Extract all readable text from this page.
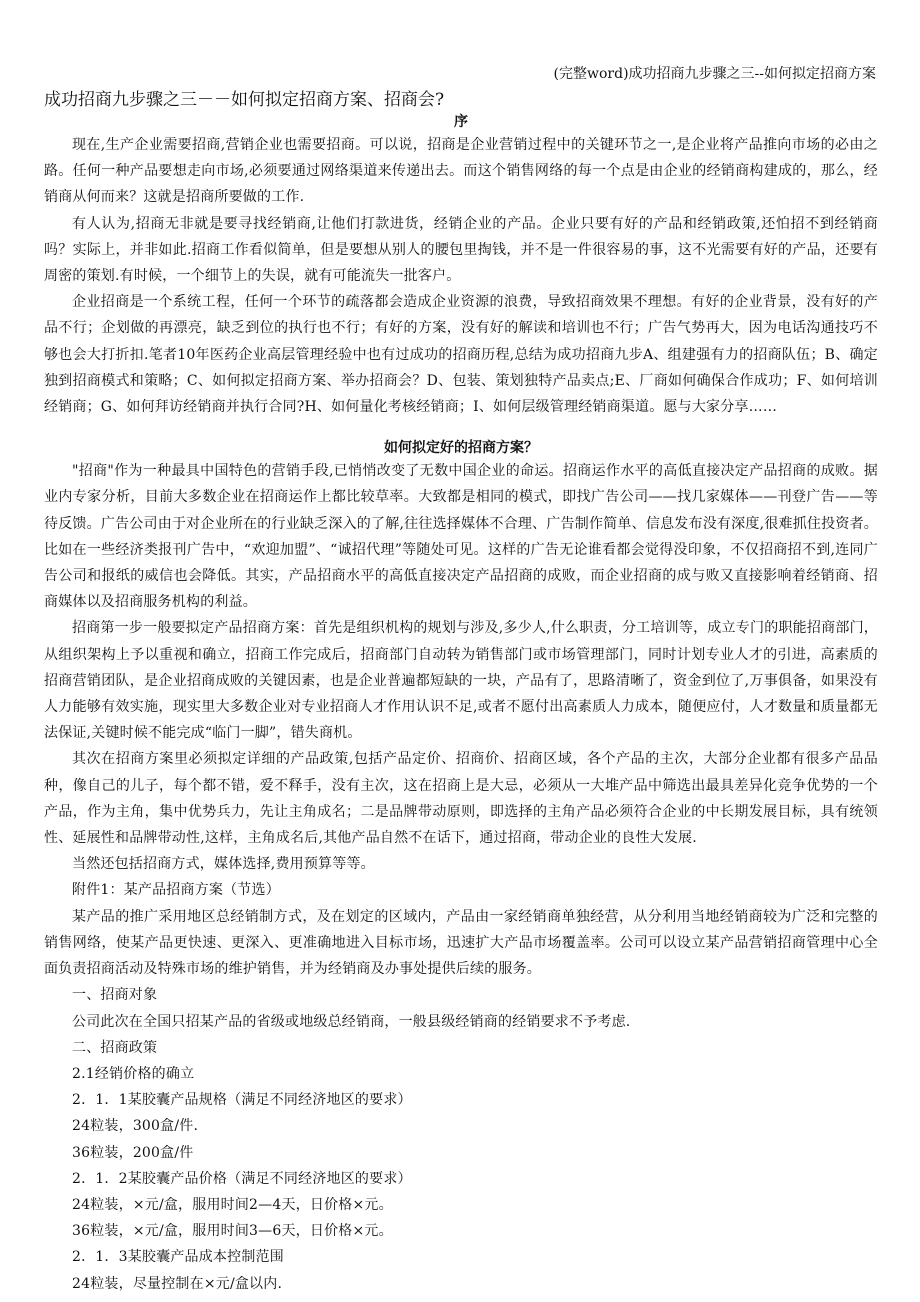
(完整word)成功招商九步骤之三--如何拟定招商方案
成功招商九步骤之三－－如何拟定招商方案、招商会?
序

现在,生产企业需要招商,营销企业也需要招商。可以说，招商是企业营销过程中的关键环节之一,是企业将产品推向市场的必由之路。任何一种产品要想走向市场,必须要通过网络渠道来传递出去。而这个销售网络的每一个点是由企业的经销商构建成的，那么，经销商从何而来？这就是招商所要做的工作.

有人认为,招商无非就是要寻找经销商,让他们打款进货，经销企业的产品。企业只要有好的产品和经销政策,还怕招不到经销商吗？实际上，并非如此.招商工作看似简单，但是要想从别人的腰包里掏钱，并不是一件很容易的事，这不光需要有好的产品，还要有周密的策划.有时候，一个细节上的失误，就有可能流失一批客户。

企业招商是一个系统工程，任何一个环节的疏落都会造成企业资源的浪费，导致招商效果不理想。有好的企业背景，没有好的产品不行；企划做的再漂亮，缺乏到位的执行也不行；有好的方案，没有好的解读和培训也不行；广告气势再大，因为电话沟通技巧不够也会大打折扣.笔者10年医药企业高层管理经验中也有过成功的招商历程,总结为成功招商九步A、组建强有力的招商队伍；B、确定独到招商模式和策略；C、如何拟定招商方案、举办招商会？D、包装、策划独特产品卖点;E、厂商如何确保合作成功；F、如何培训经销商；G、如何拜访经销商并执行合同?H、如何量化考核经销商；I、如何层级管理经销商渠道。愿与大家分享……

如何拟定好的招商方案？

"招商"作为一种最具中国特色的营销手段,已悄悄改变了无数中国企业的命运。招商运作水平的高低直接决定产品招商的成败。据业内专家分析，目前大多数企业在招商运作上都比较草率。大致都是相同的模式，即找广告公司——找几家媒体——刊登广告——等待反馈。广告公司由于对企业所在的行业缺乏深入的了解,往往选择媒体不合理、广告制作简单、信息发布没有深度,很难抓住投资者。比如在一些经济类报刊广告中，“欢迎加盟”、“诚招代理”等随处可见。这样的广告无论谁看都会觉得没印象，不仅招商招不到,连同广告公司和报纸的威信也会降低。其实，产品招商水平的高低直接决定产品招商的成败，而企业招商的成与败又直接影响着经销商、招商媒体以及招商服务机构的利益。

招商第一步一般要拟定产品招商方案：首先是组织机构的规划与涉及,多少人,什么职责，分工培训等，成立专门的职能招商部门，从组织架构上予以重视和确立，招商工作完成后，招商部门自动转为销售部门或市场管理部门，同时计划专业人才的引进，高素质的招商营销团队，是企业招商成败的关键因素，也是企业普遍都短缺的一块，产品有了，思路清晰了，资金到位了,万事俱备，如果没有人力能够有效实施，现实里大多数企业对专业招商人才作用认识不足,或者不愿付出高素质人力成本，随便应付，人才数量和质量都无法保证,关键时候不能完成“临门一脚”，错失商机。

其次在招商方案里必须拟定详细的产品政策,包括产品定价、招商价、招商区域，各个产品的主次，大部分企业都有很多产品品种，像自己的儿子，每个都不错，爱不释手，没有主次，这在招商上是大忌，必须从一大堆产品中筛选出最具差异化竞争优势的一个产品，作为主角，集中优势兵力，先让主角成名；二是品牌带动原则，即选择的主角产品必须符合企业的中长期发展目标，具有统领性、延展性和品牌带动性,这样，主角成名后,其他产品自然不在话下，通过招商，带动企业的良性大发展.

当然还包括招商方式，媒体选择,费用预算等等。

附件1：某产品招商方案（节选）

某产品的推广采用地区总经销制方式，及在划定的区域内，产品由一家经销商单独经营，从分利用当地经销商较为广泛和完整的销售网络，使某产品更快速、更深入、更准确地进入目标市场，迅速扩大产品市场覆盖率。公司可以设立某产品营销招商管理中心全面负责招商活动及特殊市场的维护销售，并为经销商及办事处提供后续的服务。

一、招商对象

公司此次在全国只招某产品的省级或地级总经销商，一般县级经销商的经销要求不予考虑.

二、招商政策

2.1经销价格的确立

2．1．1某胶囊产品规格（满足不同经济地区的要求）

24粒装，300盒/件.

36粒装，200盒/件

2．1．2某胶囊产品价格（满足不同经济地区的要求）

24粒装，×元/盒，服用时间2—4天，日价格×元。

36粒装，×元/盒，服用时间3—6天，日价格×元。

2．1．3某胶囊产品成本控制范围

24粒装，尽量控制在×元/盒以内.
